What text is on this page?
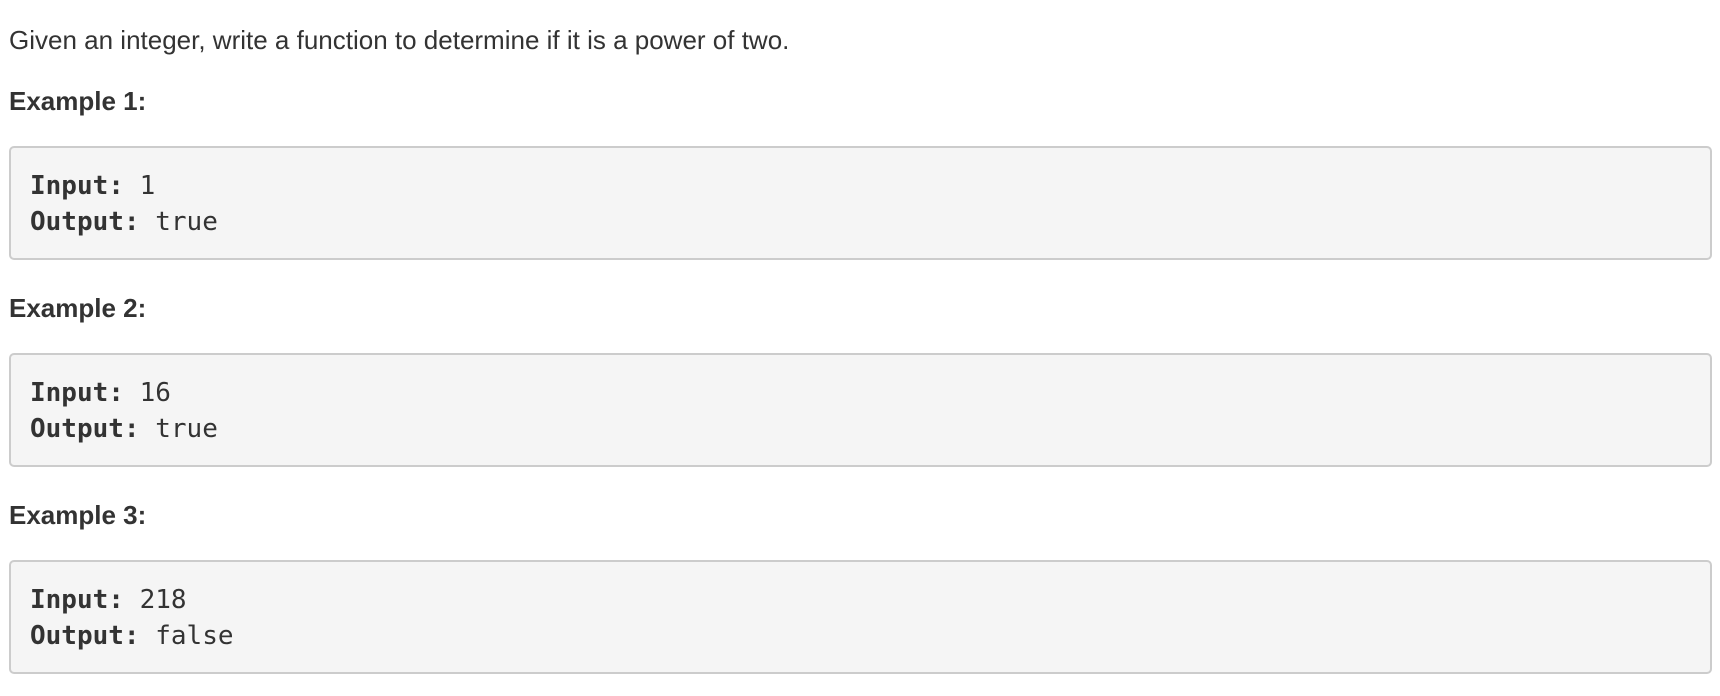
Given an integer, write a function to determine if it is a power of two.

Example 1:
Input: 1
Output: true
Example 2:
Input: 16
Output: true
Example 3:
Input: 218
Output: false
